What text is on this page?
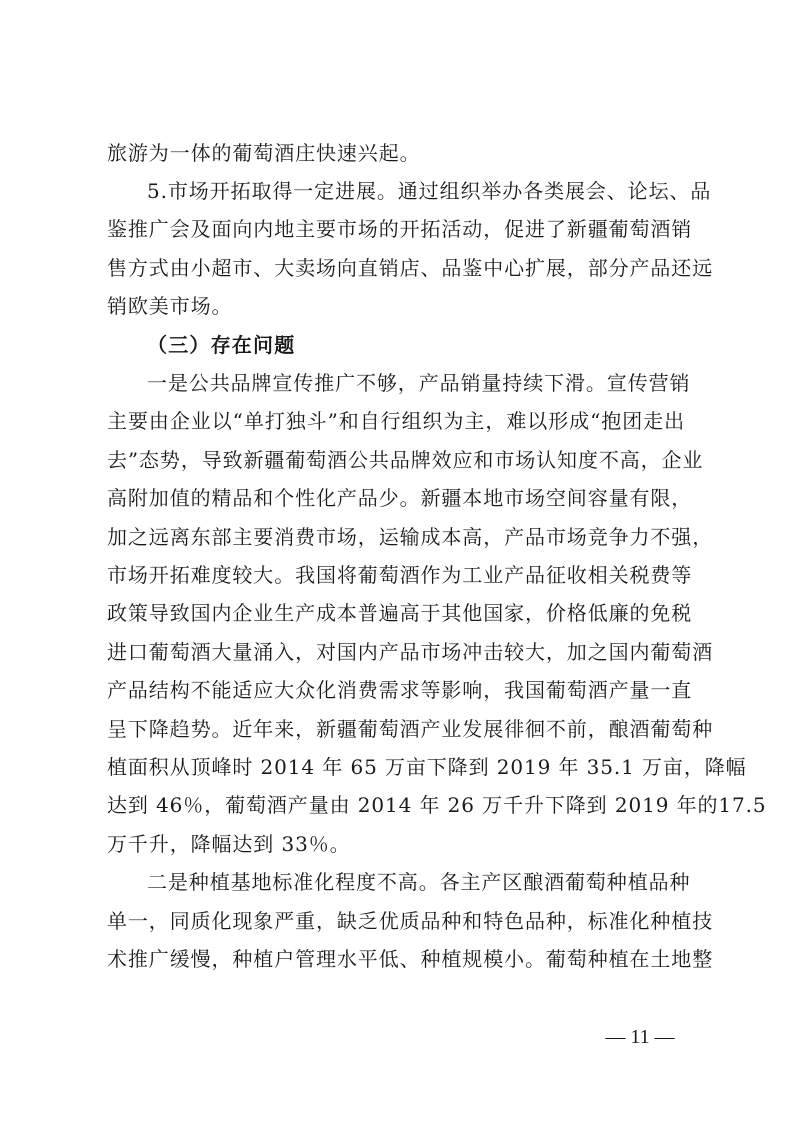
旅游为一体的葡萄酒庄快速兴起。
5.市场开拓取得一定进展。通过组织举办各类展会、论坛、品
鉴推广会及面向内地主要市场的开拓活动，促进了新疆葡萄酒销
售方式由小超市、大卖场向直销店、品鉴中心扩展，部分产品还远
销欧美市场。
（三）存在问题
一是公共品牌宣传推广不够，产品销量持续下滑。宣传营销
主要由企业以“单打独斗”和自行组织为主，难以形成“抱团走出
去”态势，导致新疆葡萄酒公共品牌效应和市场认知度不高，企业
高附加值的精品和个性化产品少。新疆本地市场空间容量有限，
加之远离东部主要消费市场，运输成本高，产品市场竞争力不强，
市场开拓难度较大。我国将葡萄酒作为工业产品征收相关税费等
政策导致国内企业生产成本普遍高于其他国家，价格低廉的免税
进口葡萄酒大量涌入，对国内产品市场冲击较大，加之国内葡萄酒
产品结构不能适应大众化消费需求等影响，我国葡萄酒产量一直
呈下降趋势。近年来，新疆葡萄酒产业发展徘徊不前，酿酒葡萄种
植面积从顶峰时 2014 年 65 万亩下降到 2019 年 35.1 万亩，降幅
达到 46％，葡萄酒产量由 2014 年 26 万千升下降到 2019 年的17.5
万千升，降幅达到 33％。
二是种植基地标准化程度不高。各主产区酿酒葡萄种植品种
单一，同质化现象严重，缺乏优质品种和特色品种，标准化种植技
术推广缓慢，种植户管理水平低、种植规模小。葡萄种植在土地整
— 11 —
